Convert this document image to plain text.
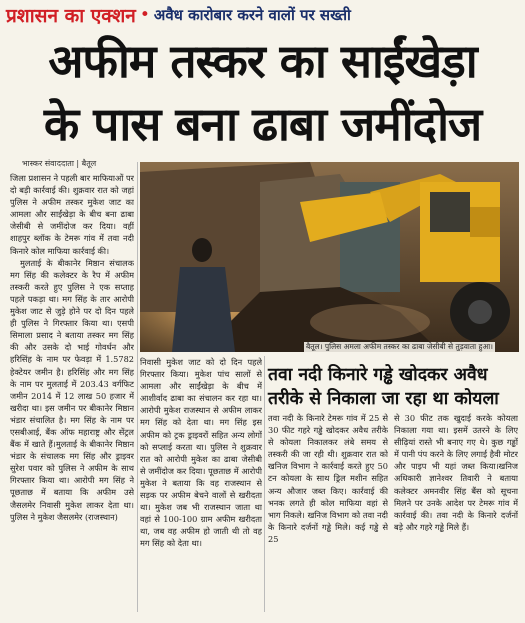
प्रशासन का एक्शन • अवैध कारोबार करने वालों पर सख्ती
अफीम तस्कर का साईंखेड़ा
के पास बना ढाबा जमींदोज
भास्कर संवाददाता | बैतूल

जिला प्रशासन ने पहली बार माफियाओं पर दो बड़ी कार्रवाई की। शुक्रवार रात को जहां पुलिस ने अफीम तस्कर मुकेश जाट का आमला और साईंखेड़ा के बीच बना ढाबा जेसीबी से जमींदोज कर दिया। वहीं शाहपुर ब्लॉक के टेमरू गांव में तवा नदी किनारे कोल माफिया कार्रवाई की।

मुलताई के बीकानेर मिष्ठान संचालक मग सिंह की कलेक्टर के रैप में अफीम तस्करी करते हुए पुलिस ने एक सप्ताह पहले पकड़ा था। मग सिंह के तार आरोपी मुकेश जाट से जुड़े होने पर दो दिन पहले ही पुलिस ने गिरफ्तार किया था। एसपी सिमाला प्रसाद ने बताया तस्कर मग सिंह की और उसके दो भाई गोवर्धन और हरिसिंह के नाम पर फेवड़ा में 1.5782 हेक्टेयर जमीन है। हरिसिंह और मग सिंह के नाम पर मुलताई में 203.43 वर्गफिट जमीन 2014 में 12 लाख 50 हजार में खरीदा था। इस जमीन पर बीकानेर मिष्ठान भंडार संचालित है। मग सिंह के नाम पर एसबीआई, बैंक ऑफ महाराष्ट्र और सेंट्रल बैंक में खाते हैं।मुलताई के बीकानेर मिष्ठान भंडार के संचालक मग सिंह और ड्राइवर सुरेश पवार को पुलिस ने अफीम के साथ गिरफ्तार किया था। आरोपी मग सिंह ने पूछताछ में बताया कि अफीम उसे जैसलमेर निवासी मुकेश लाकर देता था। पुलिस ने मुकेश जैसलमेर (राजस्थान)

बैतूल। पुलिस अमला अफीम तस्कर का ढाबा जेसीबी से तुड़वाता हुआ।

निवासी मुकेश जाट को दो दिन पहले गिरफ्तार किया। मुकेश पांच सालों से आमला और साईंखेड़ा के बीच में आशीर्वाद ढाबा का संचालन कर रहा था। आरोपी मुकेश राजस्थान से अफीम लाकर मग सिंह को देता था। मग सिंह इस अफीम को ट्रक ड्राइवरों सहित अन्य लोगों को सप्लाई करता था। पुलिस ने शुक्रवार रात को आरोपी मुकेश का ढाबा जेसीबी से जमींदोज कर दिया। पूछताछ में आरोपी मुकेश ने बताया कि वह राजस्थान से सड़क पर अफीम बेचने वालों से खरीदता था। मुकेश जब भी राजस्थान जाता था वहां से 100-100 ग्राम अफीम खरीदता था, जब वह अफीम हो जाती थी तो वह मग सिंह को देता था।

तवा नदी किनारे गड्ढे खोदकर अवैध
तरीके से निकाला जा रहा था कोयला

तवा नदी के किनारे टेमरू गांव में 25 से 30 फीट गहरे गड्ढे खोदकर अवैध तरीके से कोयला निकालकर लंबे समय से तस्करी की जा रही थी। शुक्रवार रात को खनिज विभाग ने कार्रवाई करते हुए 50 टन कोयला के साथ ड्रिल मशीन सहित अन्य औजार जब्त किए। कार्रवाई की भनक लगते ही कोल माफिया वहां से भाग निकले। खनिज विभाग को तवा नदी के किनारे दर्जनों गड्ढे मिले। कई गड्ढे से 25

से 30 फीट तक खुदाई करके कोयला निकाला गया था। इसमें उतरने के लिए सीढ़ियां रास्ते भी बनाए गए थे। कुछ गड्ढों में पानी पंप करने के लिए लगाई हैवी मोटर और पाइप भी यहां जब्त किया।खनिज अधिकारी ज्ञानेश्वर तिवारी ने बताया कलेक्टर अमनवीर सिंह बैंस को सूचना मिलने पर उनके आदेश पर टेमरू गांव में कार्रवाई की। तवा नदी के किनारे दर्जनों बड़े और गहरे गड्ढे मिले हैं।
